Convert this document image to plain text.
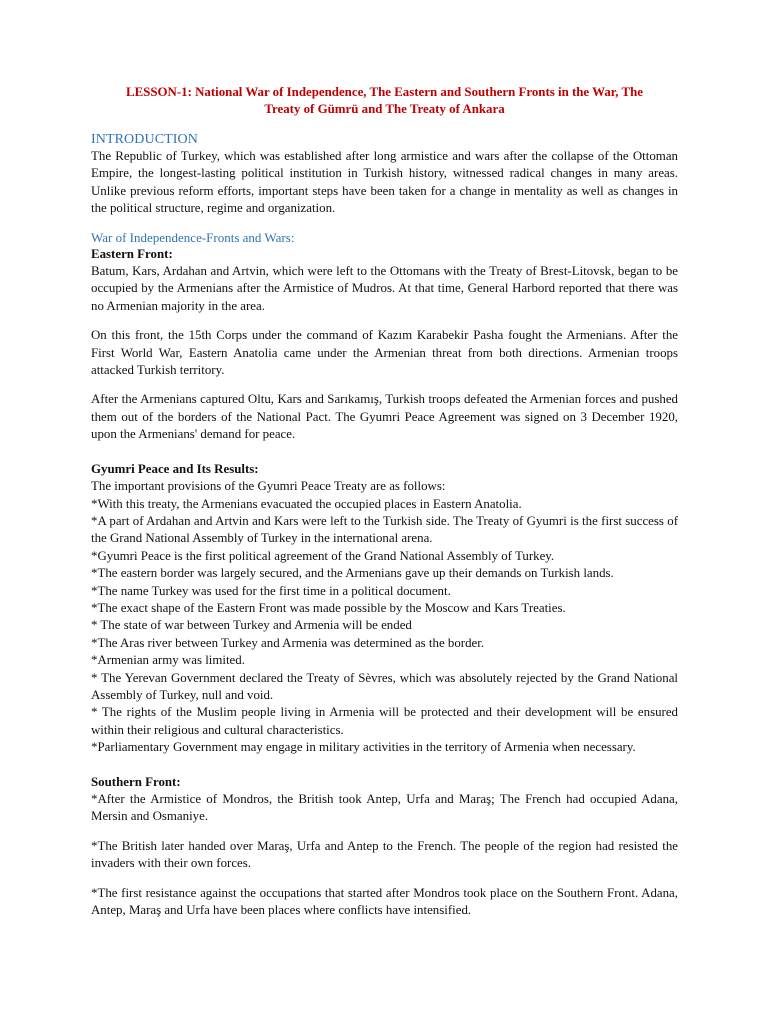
LESSON-1: National War of Independence, The Eastern and Southern Fronts in the War, The
Treaty of Gümrü and The Treaty of Ankara
INTRODUCTION

The Republic of Turkey, which was established after long armistice and wars after the collapse of the Ottoman Empire, the longest-lasting political institution in Turkish history, witnessed radical changes in many areas. Unlike previous reform efforts, important steps have been taken for a change in mentality as well as changes in the political structure, regime and organization.

War of Independence-Fronts and Wars:
Eastern Front:

Batum, Kars, Ardahan and Artvin, which were left to the Ottomans with the Treaty of Brest-Litovsk, began to be occupied by the Armenians after the Armistice of Mudros. At that time, General Harbord reported that there was no Armenian majority in the area.

On this front, the 15th Corps under the command of Kazım Karabekir Pasha fought the Armenians. After the First World War, Eastern Anatolia came under the Armenian threat from both directions. Armenian troops attacked Turkish territory.

After the Armenians captured Oltu, Kars and Sarıkamış, Turkish troops defeated the Armenian forces and pushed them out of the borders of the National Pact. The Gyumri Peace Agreement was signed on 3 December 1920, upon the Armenians' demand for peace.

Gyumri Peace and Its Results:

The important provisions of the Gyumri Peace Treaty are as follows:

*With this treaty, the Armenians evacuated the occupied places in Eastern Anatolia.

*A part of Ardahan and Artvin and Kars were left to the Turkish side. The Treaty of Gyumri is the first success of the Grand National Assembly of Turkey in the international arena.

*Gyumri Peace is the first political agreement of the Grand National Assembly of Turkey.

*The eastern border was largely secured, and the Armenians gave up their demands on Turkish lands.

*The name Turkey was used for the first time in a political document.

*The exact shape of the Eastern Front was made possible by the Moscow and Kars Treaties.

* The state of war between Turkey and Armenia will be ended

*The Aras river between Turkey and Armenia was determined as the border.

*Armenian army was limited.

* The Yerevan Government declared the Treaty of Sèvres, which was absolutely rejected by the Grand National Assembly of Turkey, null and void.

* The rights of the Muslim people living in Armenia will be protected and their development will be ensured within their religious and cultural characteristics.

*Parliamentary Government may engage in military activities in the territory of Armenia when necessary.

Southern Front:

*After the Armistice of Mondros, the British took Antep, Urfa and Maraş; The French had occupied Adana, Mersin and Osmaniye.

*The British later handed over Maraş, Urfa and Antep to the French. The people of the region had resisted the invaders with their own forces.

*The first resistance against the occupations that started after Mondros took place on the Southern Front. Adana, Antep, Maraş and Urfa have been places where conflicts have intensified.
